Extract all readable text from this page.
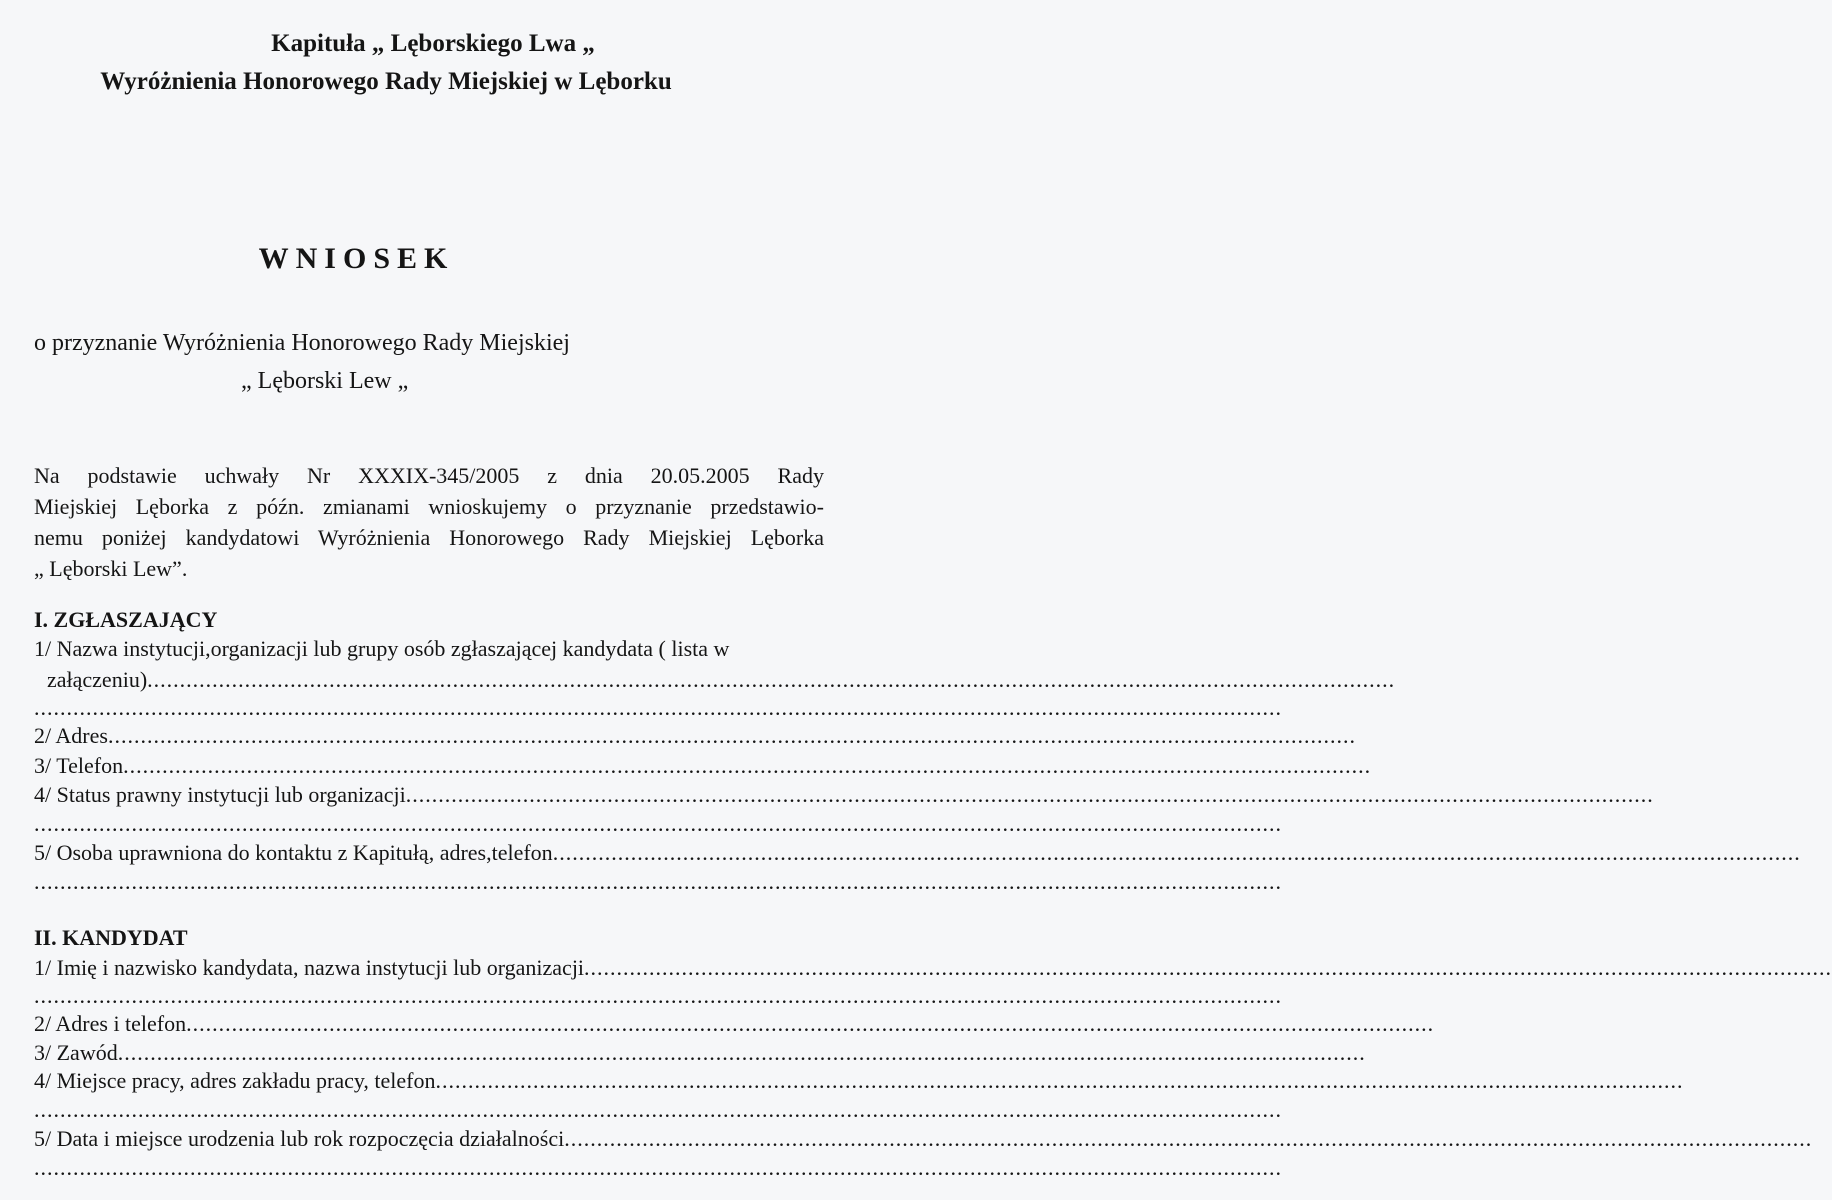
Kapituła „ Lęborskiego Lwa „
Wyróżnienia Honorowego Rady Miejskiej w Lęborku
WNIOSEK
o przyznanie Wyróżnienia Honorowego Rady Miejskiej
„ Lęborski Lew „
Na podstawie uchwały Nr XXXIX-345/2005 z dnia 20.05.2005 Rady
Miejskiej Lęborka z późn. zmianami wnioskujemy o przyznanie przedstawio-
nemu poniżej kandydatowi Wyróżnienia Honorowego Rady Miejskiej Lęborka
„ Lęborski Lew”.
I. ZGŁASZAJĄCY
1/ Nazwa instytucji,organizacji lub grupy osób zgłaszającej kandydata ( lista w
załączeniu) ................................................................................................................................................................................................
................................................................................................................................................................................................
2/ Adres ................................................................................................................................................................................................
3/ Telefon ................................................................................................................................................................................................
4/ Status prawny instytucji lub organizacji ................................................................................................................................................................................................
................................................................................................................................................................................................
5/ Osoba uprawniona do kontaktu z Kapitułą, adres,telefon ................................................................................................................................................................................................
................................................................................................................................................................................................
II. KANDYDAT
1/ Imię i nazwisko kandydata, nazwa instytucji lub organizacji ................................................................................................................................................................................................
................................................................................................................................................................................................
2/ Adres i telefon ................................................................................................................................................................................................
3/ Zawód ................................................................................................................................................................................................
4/ Miejsce pracy, adres zakładu pracy, telefon ................................................................................................................................................................................................
................................................................................................................................................................................................
5/ Data i miejsce urodzenia lub rok rozpoczęcia działalności ................................................................................................................................................................................................
................................................................................................................................................................................................
